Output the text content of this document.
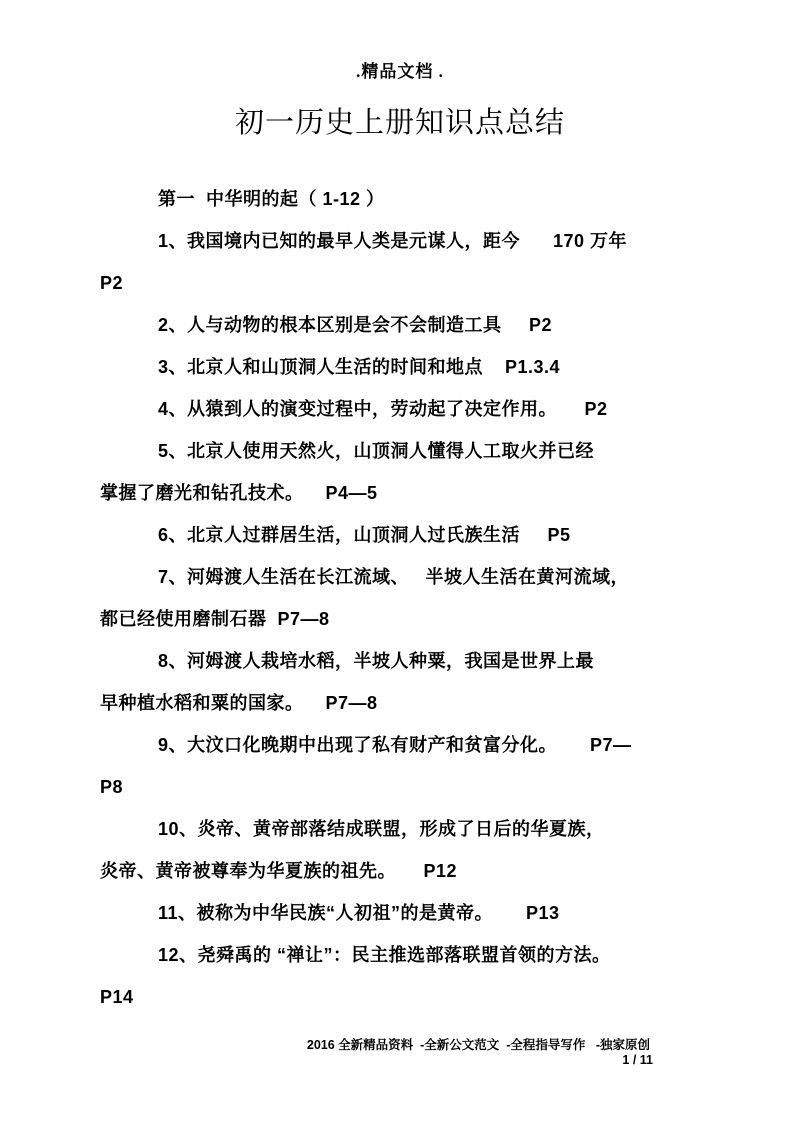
.精品文档 .
初一历史上册知识点总结
第一  中华明的起（ 1-12 ）
1、我国境内已知的最早人类是元谋人，距今      170 万年
P2
2、人与动物的根本区别是会不会制造工具     P2
3、北京人和山顶洞人生活的时间和地点    P1.3.4
4、从猿到人的演变过程中，劳动起了决定作用。     P2
5、北京人使用天然火，山顶洞人懂得人工取火并已经
掌握了磨光和钻孔技术。    P4—5
6、北京人过群居生活，山顶洞人过氏族生活     P5
7、河姆渡人生活在长江流域、   半坡人生活在黄河流域，
都已经使用磨制石器  P7—8
8、河姆渡人栽培水稻，半坡人种粟，我国是世界上最
早种植水稻和粟的国家。    P7—8
9、大汶口化晚期中出现了私有财产和贫富分化。      P7—
P8
10、炎帝、黄帝部落结成联盟，形成了日后的华夏族，
炎帝、黄帝被尊奉为华夏族的祖先。     P12
11、被称为中华民族“人初祖”的是黄帝。      P13
12、尧舜禹的 “禅让”：民主推选部落联盟首领的方法。
P14
2016 全新精品资料  -全新公文范文  -全程指导写作   -独家原创
1 / 11
